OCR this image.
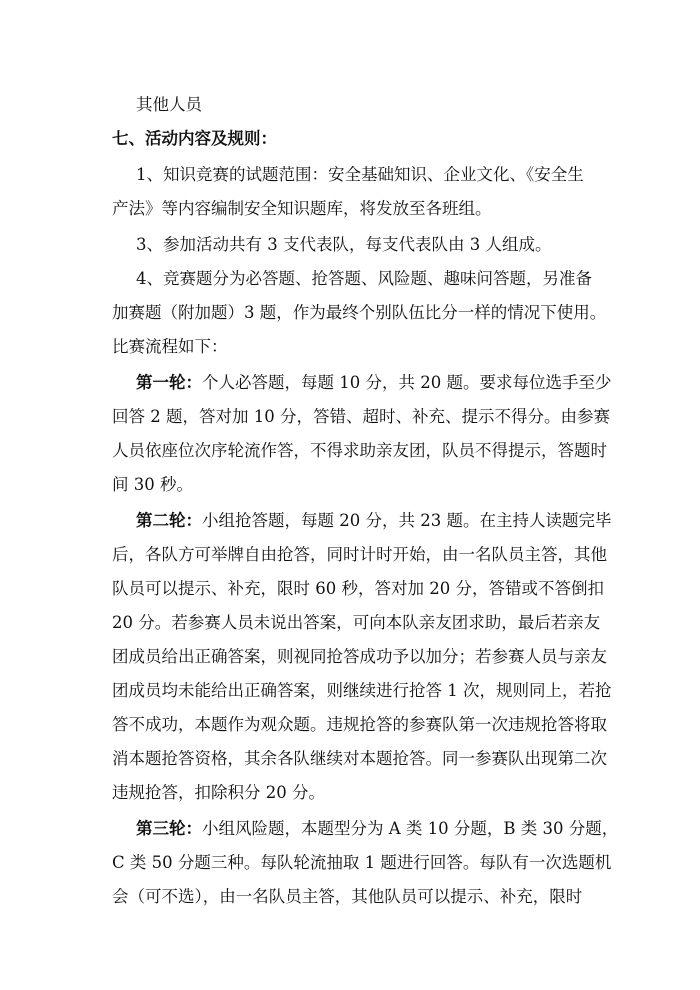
其他人员
七、活动内容及规则：
1、知识竞赛的试题范围：安全基础知识、企业文化、《安全生
产法》等内容编制安全知识题库，将发放至各班组。
3、参加活动共有 3 支代表队，每支代表队由 3 人组成。
4、竞赛题分为必答题、抢答题、风险题、趣味问答题，另准备
加赛题（附加题）3 题，作为最终个别队伍比分一样的情况下使用。
比赛流程如下：
第一轮：个人必答题，每题 10 分，共 20 题。要求每位选手至少
回答 2 题，答对加 10 分，答错、超时、补充、提示不得分。由参赛
人员依座位次序轮流作答，不得求助亲友团，队员不得提示，答题时
间 30 秒。
第二轮：小组抢答题，每题 20 分，共 23 题。在主持人读题完毕
后，各队方可举牌自由抢答，同时计时开始，由一名队员主答，其他
队员可以提示、补充，限时 60 秒，答对加 20 分，答错或不答倒扣
20 分。若参赛人员未说出答案，可向本队亲友团求助，最后若亲友
团成员给出正确答案，则视同抢答成功予以加分；若参赛人员与亲友
团成员均未能给出正确答案，则继续进行抢答 1 次，规则同上，若抢
答不成功，本题作为观众题。违规抢答的参赛队第一次违规抢答将取
消本题抢答资格，其余各队继续对本题抢答。同一参赛队出现第二次
违规抢答，扣除积分 20 分。
第三轮：小组风险题，本题型分为 A 类 10 分题，B 类 30 分题，
C 类 50 分题三种。每队轮流抽取 1 题进行回答。每队有一次选题机
会（可不选），由一名队员主答，其他队员可以提示、补充，限时
